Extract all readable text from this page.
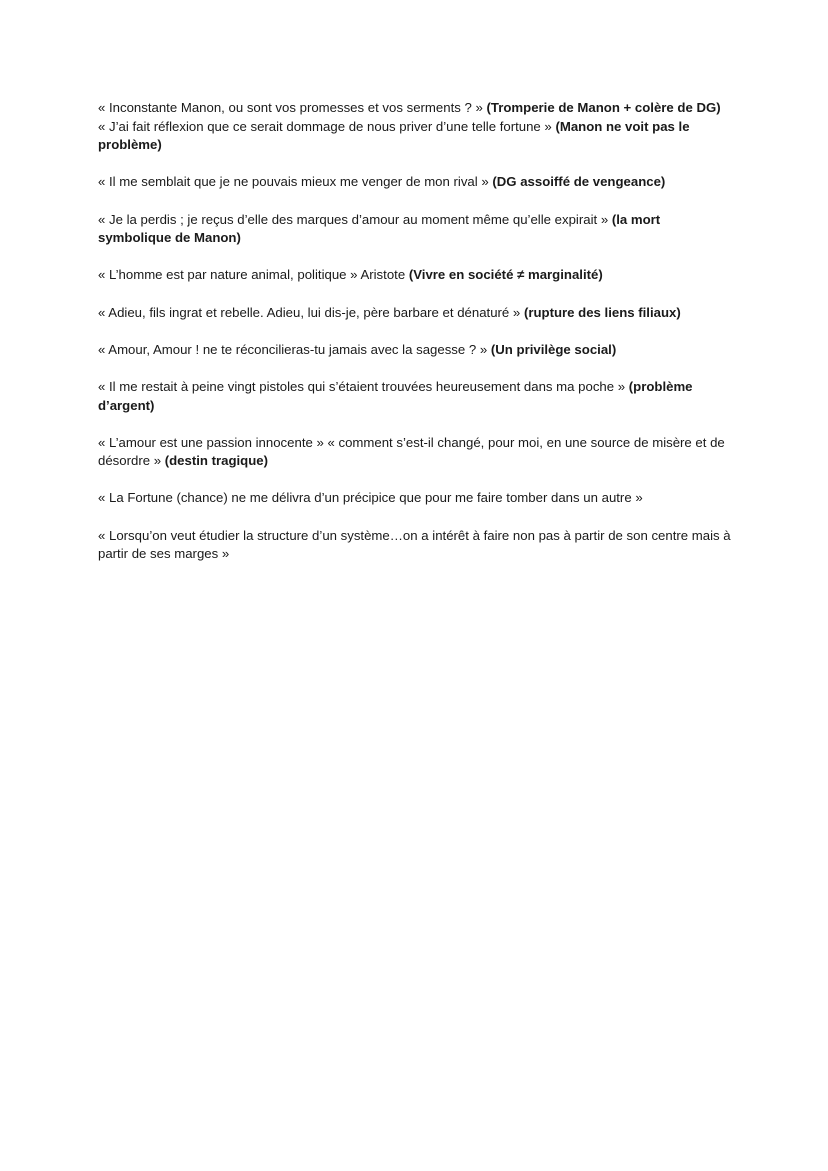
« Inconstante Manon, ou sont vos promesses et vos serments ? » (Tromperie de Manon + colère de DG)

« J’ai fait réflexion que ce serait dommage de nous priver d’une telle fortune » (Manon ne voit pas le problème)

« Il me semblait que je ne pouvais mieux me venger de mon rival » (DG assoiffé de vengeance)

« Je la perdis ; je reçus d’elle des marques d’amour au moment même qu’elle expirait » (la mort symbolique de Manon)

« L’homme est par nature animal, politique » Aristote (Vivre en société ≠ marginalité)

« Adieu, fils ingrat et rebelle. Adieu, lui dis-je, père barbare et dénaturé » (rupture des liens filiaux)

« Amour, Amour ! ne te réconcilieras-tu jamais avec la sagesse ? » (Un privilège social)

« Il me restait à peine vingt pistoles qui s’étaient trouvées heureusement dans ma poche » (problème d’argent)

« L’amour est une passion innocente » « comment s’est-il changé, pour moi, en une source de misère et de désordre » (destin tragique)

« La Fortune (chance) ne me délivra d’un précipice que pour me faire tomber dans un autre »

« Lorsqu’on veut étudier la structure d’un système…on a intérêt à faire non pas à partir de son centre mais à partir de ses marges »
